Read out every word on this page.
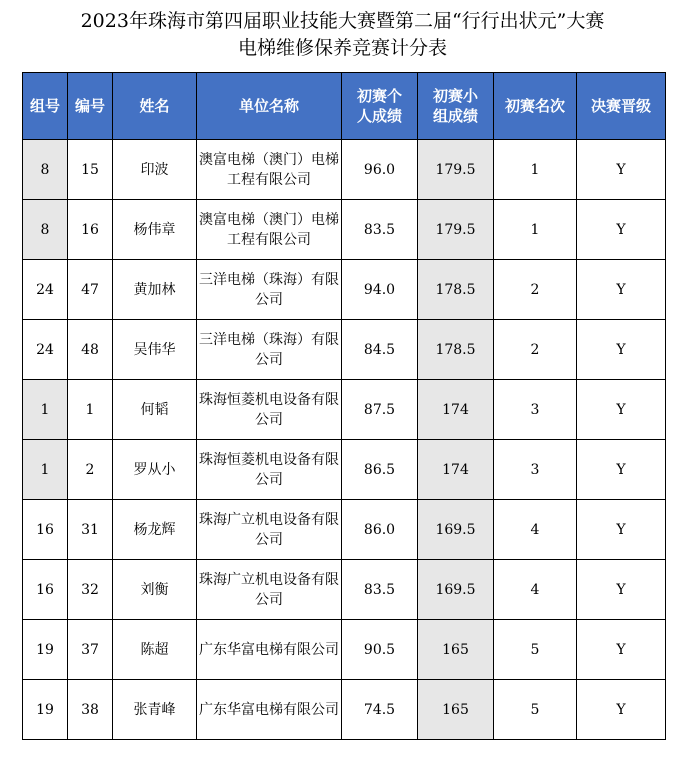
2023年珠海市第四届职业技能大赛暨第二届“行行出状元”大赛
电梯维修保养竞赛计分表
组号	编号	姓名	单位名称	初赛个人成绩	初赛小组成绩	初赛名次	决赛晋级
8	15	印波	澳富电梯（澳门）电梯工程有限公司	96.0	179.5	1	Y
8	16	杨伟章	澳富电梯（澳门）电梯工程有限公司	83.5	179.5	1	Y
24	47	黄加林	三洋电梯（珠海）有限公司	94.0	178.5	2	Y
24	48	吴伟华	三洋电梯（珠海）有限公司	84.5	178.5	2	Y
1	1	何韬	珠海恒菱机电设备有限公司	87.5	174	3	Y
1	2	罗从小	珠海恒菱机电设备有限公司	86.5	174	3	Y
16	31	杨龙辉	珠海广立机电设备有限公司	86.0	169.5	4	Y
16	32	刘衡	珠海广立机电设备有限公司	83.5	169.5	4	Y
19	37	陈超	广东华富电梯有限公司	90.5	165	5	Y
19	38	张青峰	广东华富电梯有限公司	74.5	165	5	Y
